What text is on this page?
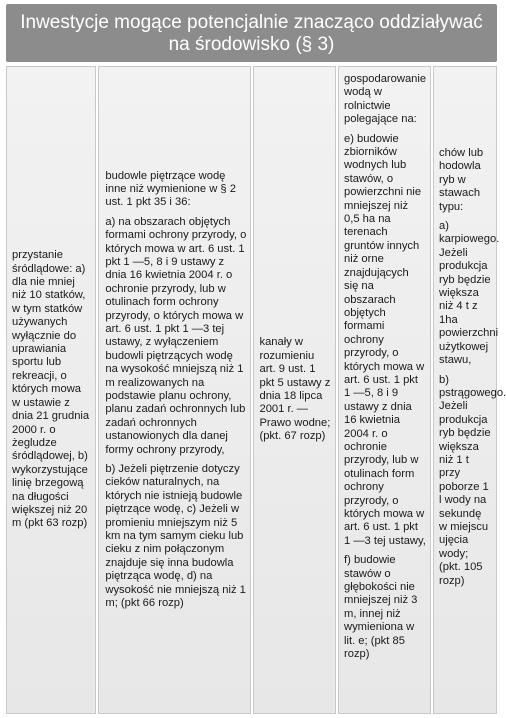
Inwestycje mogące potencjalnie znacząco oddziaływać
na środowisko (§ 3)

przystanie śródlądowe: a) dla nie mniej niż 10 statków, w tym statków używanych wyłącznie do uprawiania sportu lub rekreacji, o których mowa w ustawie z dnia 21 grudnia 2000 r. o żegludze śródlądowej, b) wykorzystujące linię brzegową na długości większej niż 20 m (pkt 63 rozp)

budowle piętrzące wodę inne niż wymienione w § 2 ust. 1 pkt 35 i 36:

a) na obszarach objętych formami ochrony przyrody, o których mowa w art. 6 ust. 1 pkt 1 —5, 8 i 9 ustawy z dnia 16 kwietnia 2004 r. o ochronie przyrody, lub w otulinach form ochrony przyrody, o których mowa w art. 6 ust. 1 pkt 1 —3 tej ustawy, z wyłączeniem budowli piętrzących wodę na wysokość mniejszą niż 1 m realizowanych na podstawie planu ochrony, planu zadań ochronnych lub zadań ochronnych ustanowionych dla danej formy ochrony przyrody,

b) Jeżeli piętrzenie dotyczy cieków naturalnych, na których nie istnieją budowle piętrzące wodę, c) Jeżeli w promieniu mniejszym niż 5 km na tym samym cieku lub cieku z nim połączonym znajduje się inna budowla piętrząca wodę, d) na wysokość nie mniejszą niż 1 m; (pkt 66 rozp)

kanały w rozumieniu art. 9 ust. 1 pkt 5 ustawy z dnia 18 lipca 2001 r. — Prawo wodne; (pkt. 67 rozp)

gospodarowanie wodą w rolnictwie polegające na:

e) budowie zbiorników wodnych lub stawów, o powierzchni nie mniejszej niż 0,5 ha na terenach gruntów innych niż orne znajdujących się na obszarach objętych formami ochrony przyrody, o których mowa w art. 6 ust. 1 pkt 1 —5, 8 i 9 ustawy z dnia 16 kwietnia 2004 r. o ochronie przyrody, lub w otulinach form ochrony przyrody, o których mowa w art. 6 ust. 1 pkt 1 —3 tej ustawy,

f) budowie stawów o głębokości nie mniejszej niż 3 m, innej niż wymieniona w lit. e; (pkt 85 rozp)

chów lub hodowla ryb w stawach typu:

a) karpiowego. Jeżeli produkcja ryb będzie większa niż 4 t z 1ha powierzchni użytkowej stawu,

b) pstrągowego. Jeżeli produkcja ryb będzie większa niż 1 t przy poborze 1 l wody na sekundę w miejscu ujęcia wody; (pkt. 105 rozp)
